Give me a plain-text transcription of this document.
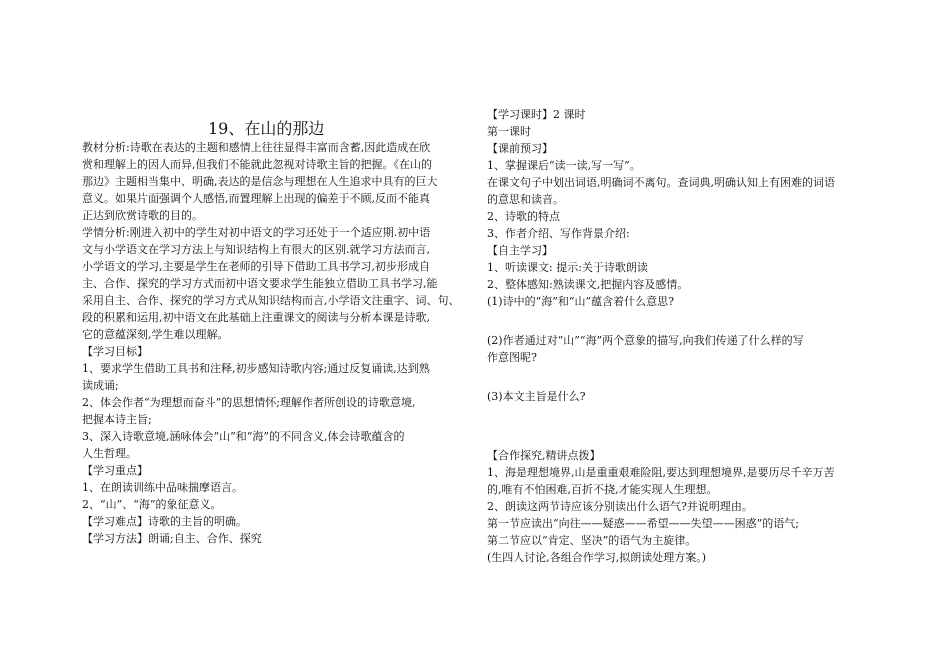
19、在山的那边
教材分析:诗歌在表达的主题和感情上往往显得丰富而含蓄,因此造成在欣
赏和理解上的因人而异,但我们不能就此忽视对诗歌主旨的把握。《在山的
那边》主题相当集中、明确,表达的是信念与理想在人生追求中具有的巨大
意义。如果片面强调个人感悟,而置理解上出现的偏差于不顾,反而不能真
正达到欣赏诗歌的目的。
学情分析:刚进入初中的学生对初中语文的学习还处于一个适应期.初中语
文与小学语文在学习方法上与知识结构上有很大的区别.就学习方法而言,
小学语文的学习,主要是学生在老师的引导下借助工具书学习,初步形成自
主、合作、探究的学习方式而初中语文要求学生能独立借助工具书学习,能
采用自主、合作、探究的学习方式从知识结构而言,小学语文注重字、词、句、
段的积累和运用,初中语文在此基础上注重课文的阅读与分析本课是诗歌,
它的意蕴深刻,学生难以理解。
【学习目标】
1、要求学生借助工具书和注释,初步感知诗歌内容;通过反复诵读,达到熟
读成诵;
2、体会作者“为理想而奋斗”的思想情怀;理解作者所创设的诗歌意境,
把握本诗主旨;
3、深入诗歌意境,涵咏体会“山”和“海”的不同含义,体会诗歌蕴含的
人生哲理。
【学习重点】
1、在朗读训练中品味揣摩语言。
2、“山”、“海”的象征意义。
【学习难点】诗歌的主旨的明确。
【学习方法】朗诵;自主、合作、探究
【学习课时】2 课时
第一课时
【课前预习】
1、掌握课后“读一读,写一写”。
在课文句子中划出词语,明确词不离句。查词典,明确认知上有困难的词语
的意思和读音。
2、诗歌的特点
3、作者介绍、写作背景介绍:
【自主学习】
1、听读课文: 提示:关于诗歌朗读
2、整体感知:熟读课文,把握内容及感情。
(1)诗中的“海”和“山”蕴含着什么意思?
(2)作者通过对“山”“海”两个意象的描写,向我们传递了什么样的写
作意图呢?
(3)本文主旨是什么?
【合作探究,精讲点拨】
1、海是理想境界,山是重重艰难险阻,要达到理想境界,是要历尽千辛万苦
的,唯有不怕困难,百折不挠,才能实现人生理想。
2、朗读这两节诗应该分别读出什么语气?并说明理由。
第一节应读出“向往——疑惑——希望——失望——困惑”的语气;
第二节应以“肯定、坚决”的语气为主旋律。
(生四人讨论,各组合作学习,拟朗读处理方案。)
